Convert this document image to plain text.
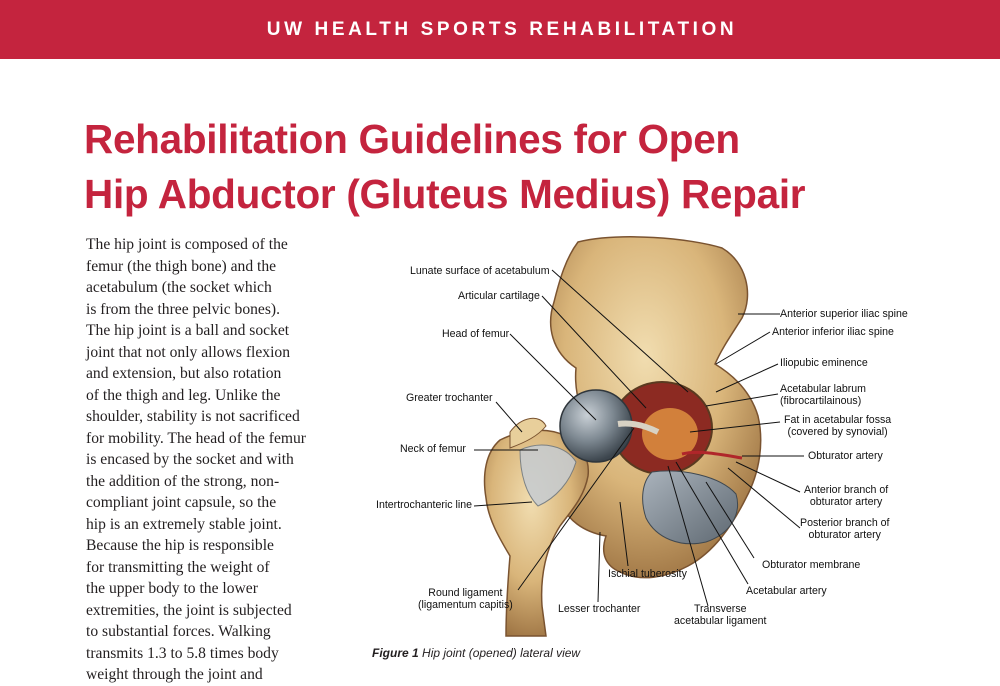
UW HEALTH SPORTS REHABILITATION
Rehabilitation Guidelines for Open
Hip Abductor (Gluteus Medius) Repair
The hip joint is composed of the
femur (the thigh bone) and the
acetabulum (the socket which
is from the three pelvic bones).
The hip joint is a ball and socket
joint that not only allows flexion
and extension, but also rotation
of the thigh and leg. Unlike the
shoulder, stability is not sacrificed
for mobility. The head of the femur
is encased by the socket and with
the addition of the strong, non-
compliant joint capsule, so the
hip is an extremely stable joint.
Because the hip is responsible
for transmitting the weight of
the upper body to the lower
extremities, the joint is subjected
to substantial forces. Walking
transmits 1.3 to 5.8 times body
weight through the joint and
Lunate surface of acetabulum
Articular cartilage
Head of femur
Greater trochanter
Neck of femur
Intertrochanteric line
Round ligament
(ligamentum capitis)	Lesser trochanter
Ischial tuberosity
Transverse
acetabular ligament
Acetabular artery
Obturator membrane
Posterior branch of
obturator artery
Anterior branch of
obturator artery
Obturator artery
Fat in acetabular fossa
(covered by synovial)
Acetabular labrum
(fibrocartilainous)
Iliopubic eminence
Anterior inferior iliac spine
Anterior superior iliac spine
Figure 1 Hip joint (opened) lateral view
